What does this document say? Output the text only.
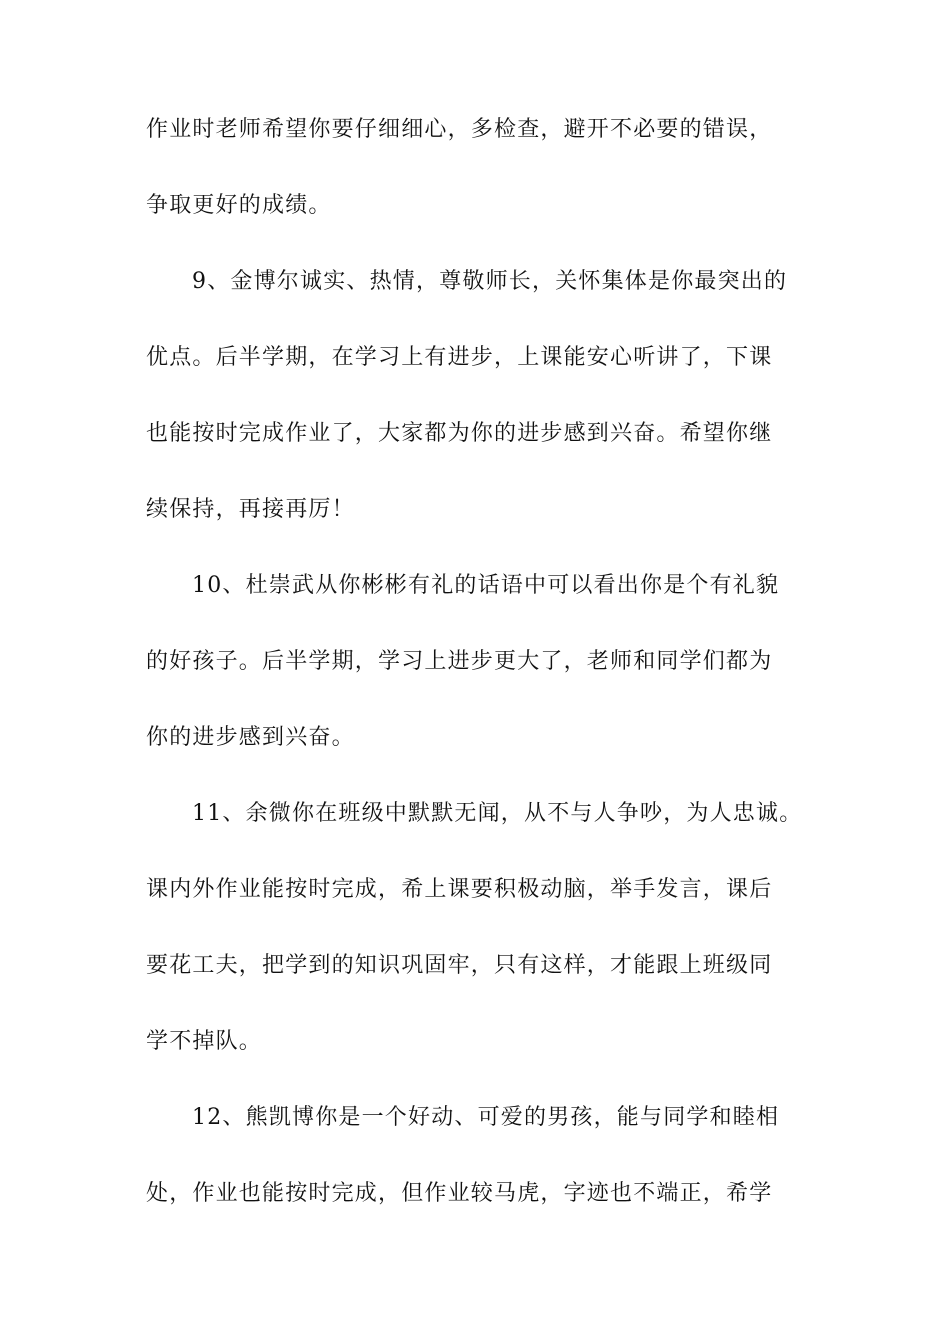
作业时老师希望你要仔细细心，多检查，避开不必要的错误，
争取更好的成绩。
9、金博尔诚实、热情，尊敬师长，关怀集体是你最突出的
优点。后半学期，在学习上有进步，上课能安心听讲了，下课
也能按时完成作业了，大家都为你的进步感到兴奋。希望你继
续保持，再接再厉！
10、杜崇武从你彬彬有礼的话语中可以看出你是个有礼貌
的好孩子。后半学期，学习上进步更大了，老师和同学们都为
你的进步感到兴奋。
11、余微你在班级中默默无闻，从不与人争吵，为人忠诚。
课内外作业能按时完成，希上课要积极动脑，举手发言，课后
要花工夫，把学到的知识巩固牢，只有这样，才能跟上班级同
学不掉队。
12、熊凯博你是一个好动、可爱的男孩，能与同学和睦相
处，作业也能按时完成，但作业较马虎，字迹也不端正，希学
